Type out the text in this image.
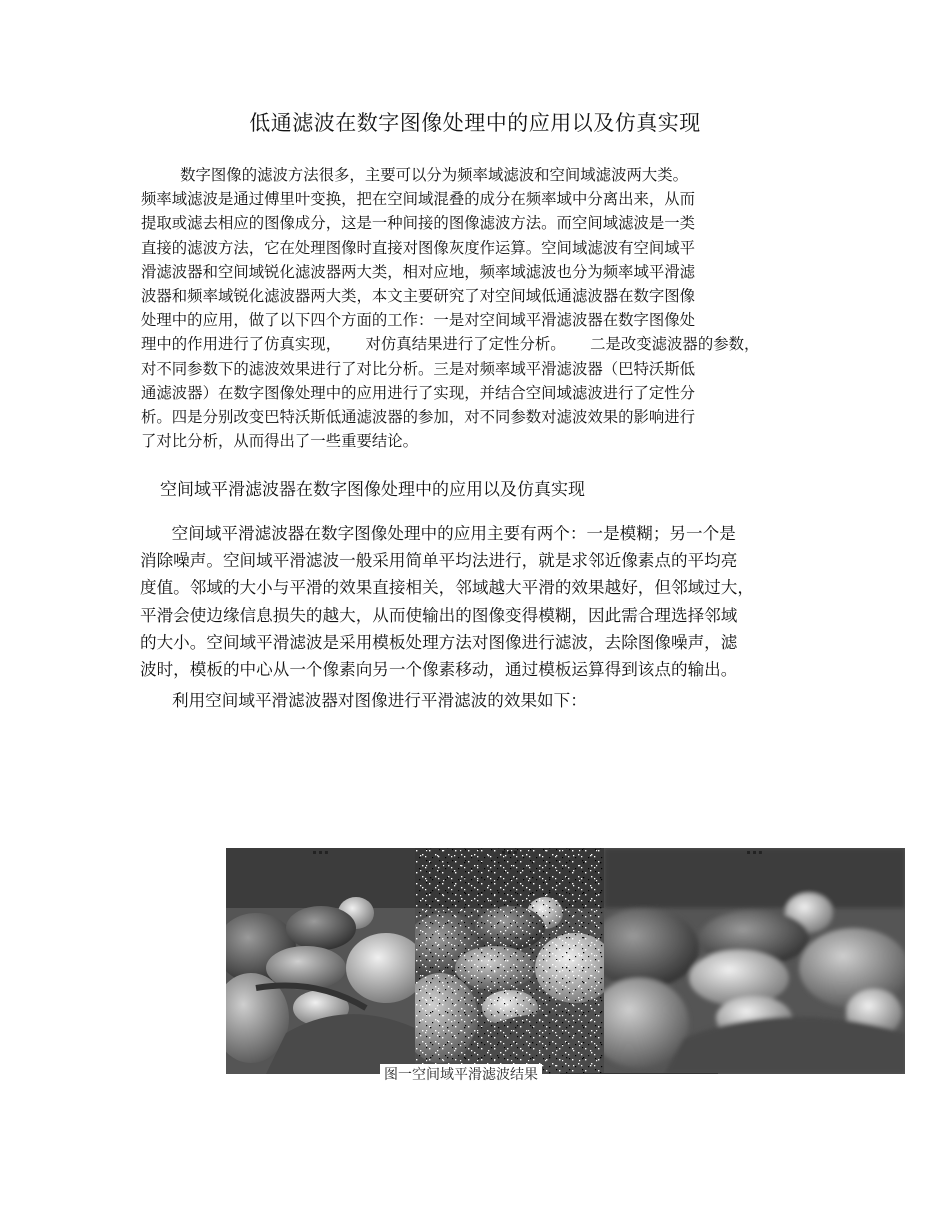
低通滤波在数字图像处理中的应用以及仿真实现
数字图像的滤波方法很多，主要可以分为频率域滤波和空间域滤波两大类。
频率域滤波是通过傅里叶变换，把在空间域混叠的成分在频率域中分离出来，从而
提取或滤去相应的图像成分，这是一种间接的图像滤波方法。而空间域滤波是一类
直接的滤波方法，它在处理图像时直接对图像灰度作运算。空间域滤波有空间域平
滑滤波器和空间域锐化滤波器两大类，相对应地，频率域滤波也分为频率域平滑滤
波器和频率域锐化滤波器两大类，本文主要研究了对空间域低通滤波器在数字图像
处理中的应用，做了以下四个方面的工作：一是对空间域平滑滤波器在数字图像处
理中的作用进行了仿真实现，     对仿真结果进行了定性分析。     二是改变滤波器的参数，
对不同参数下的滤波效果进行了对比分析。三是对频率域平滑滤波器（巴特沃斯低
通滤波器）在数字图像处理中的应用进行了实现，并结合空间域滤波进行了定性分
析。四是分别改变巴特沃斯低通滤波器的参加，对不同参数对滤波效果的影响进行
了对比分析，从而得出了一些重要结论。
空间域平滑滤波器在数字图像处理中的应用以及仿真实现
空间域平滑滤波器在数字图像处理中的应用主要有两个：一是模糊；另一个是
消除噪声。空间域平滑滤波一般采用简单平均法进行，就是求邻近像素点的平均亮
度值。邻域的大小与平滑的效果直接相关，邻域越大平滑的效果越好，但邻域过大，
平滑会使边缘信息损失的越大，从而使输出的图像变得模糊，因此需合理选择邻域
的大小。空间域平滑滤波是采用模板处理方法对图像进行滤波，去除图像噪声，滤
波时，模板的中心从一个像素向另一个像素移动，通过模板运算得到该点的输出。
利用空间域平滑滤波器对图像进行平滑滤波的效果如下：
▪ ▪ ▪	▪ ▪ ▪	▪ ▪ ▪
图一空间域平滑滤波结果
